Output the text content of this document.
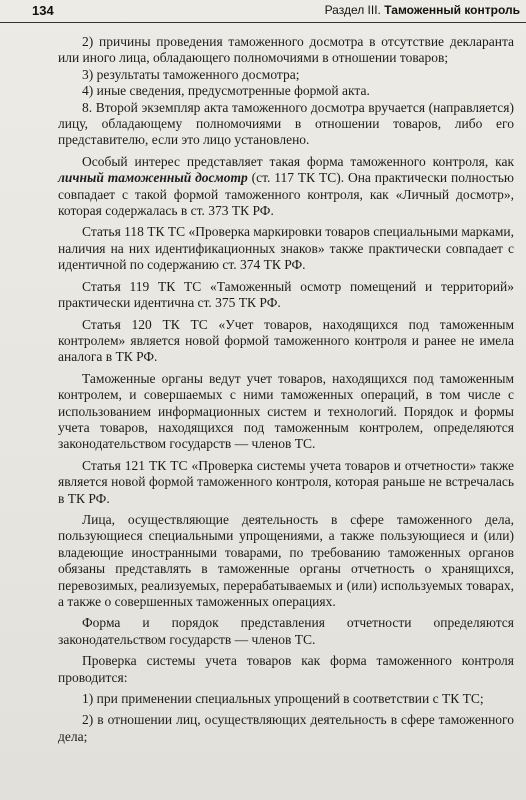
134	Раздел III. Таможенный контроль

2) причины проведения таможенного досмотра в отсутствие декларанта или иного лица, обладающего полномочиями в отношении товаров;

3) результаты таможенного досмотра;

4) иные сведения, предусмотренные формой акта.

8. Второй экземпляр акта таможенного досмотра вручается (направляется) лицу, обладающему полномочиями в отношении товаров, либо его представителю, если это лицо установлено.

Особый интерес представляет такая форма таможенного контроля, как личный таможенный досмотр (ст. 117 ТК ТС). Она практически полностью совпадает с такой формой таможенного контроля, как «Личный досмотр», которая содержалась в ст. 373 ТК РФ.

Статья 118 ТК ТС «Проверка маркировки товаров специальными марками, наличия на них идентификационных знаков» также практически совпадает с идентичной по содержанию ст. 374 ТК РФ.

Статья 119 ТК ТС «Таможенный осмотр помещений и территорий» практически идентична ст. 375 ТК РФ.

Статья 120 ТК ТС «Учет товаров, находящихся под таможенным контролем» является новой формой таможенного контроля и ранее не имела аналога в ТК РФ.

Таможенные органы ведут учет товаров, находящихся под таможенным контролем, и совершаемых с ними таможенных операций, в том числе с использованием информационных систем и технологий. Порядок и формы учета товаров, находящихся под таможенным контролем, определяются законодательством государств — членов ТС.

Статья 121 ТК ТС «Проверка системы учета товаров и отчетности» также является новой формой таможенного контроля, которая раньше не встречалась в ТК РФ.

Лица, осуществляющие деятельность в сфере таможенного дела, пользующиеся специальными упрощениями, а также пользующиеся и (или) владеющие иностранными товарами, по требованию таможенных органов обязаны представлять в таможенные органы отчетность о хранящихся, перевозимых, реализуемых, перерабатываемых и (или) используемых товарах, а также о совершенных таможенных операциях.

Форма и порядок представления отчетности определяются законодательством государств — членов ТС.

Проверка системы учета товаров как форма таможенного контроля проводится:

1) при применении специальных упрощений в соответствии с ТК ТС;

2) в отношении лиц, осуществляющих деятельность в сфере таможенного дела;
